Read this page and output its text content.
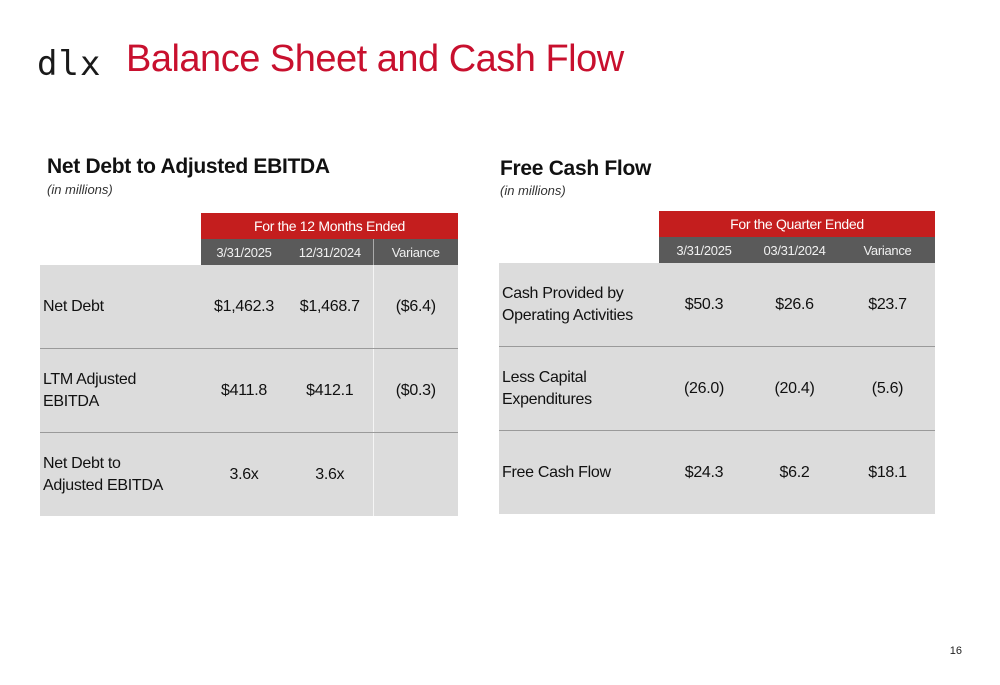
dlx Balance Sheet and Cash Flow
Net Debt to Adjusted EBITDA
(in millions)
	For the 12 Months Ended		
	3/31/2025	12/31/2024	Variance
Net Debt	$1,462.3	$1,468.7	($6.4)
LTM Adjusted
EBITDA	$411.8	$412.1	($0.3)
Net Debt to
Adjusted EBITDA	3.6x	3.6x	
Free Cash Flow
(in millions)
	For the Quarter Ended		
	3/31/2025	03/31/2024	Variance
Cash Provided by
Operating Activities	$50.3	$26.6	$23.7
Less Capital
Expenditures	(26.0)	(20.4)	(5.6)
Free Cash Flow	$24.3	$6.2	$18.1
16
